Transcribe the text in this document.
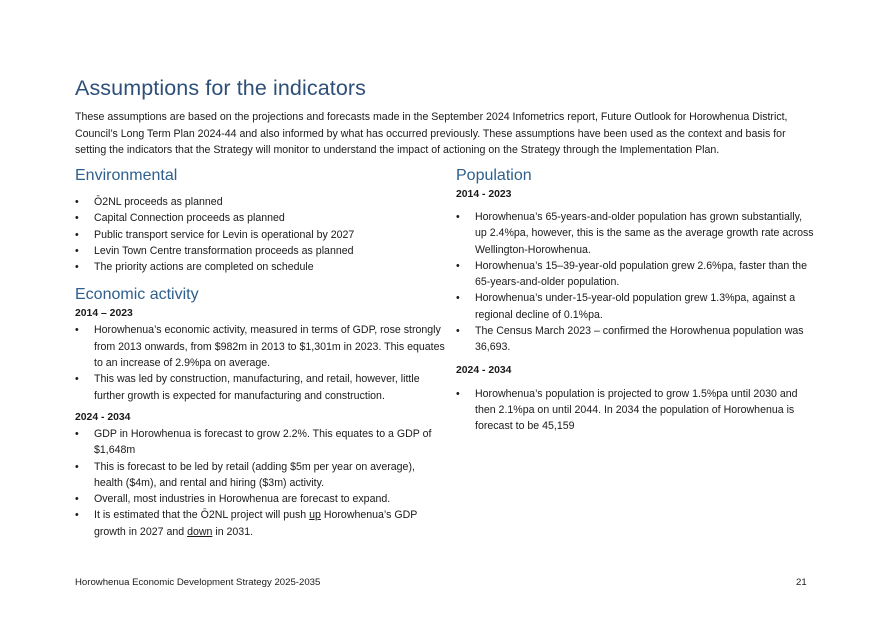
Assumptions for the indicators

These assumptions are based on the projections and forecasts made in the September 2024 Infometrics report, Future Outlook for Horowhenua District, Council’s Long Term Plan 2024-44 and also informed by what has occurred previously. These assumptions have been used as the context and basis for setting the indicators that the Strategy will monitor to understand the impact of actioning on the Strategy through the Implementation Plan.

Environmental
• Ō2NL proceeds as planned
• Capital Connection proceeds as planned
• Public transport service for Levin is operational by 2027
• Levin Town Centre transformation proceeds as planned
• The priority actions are completed on schedule
Economic activity

2014 – 2023

• Horowhenua’s economic activity, measured in terms of GDP, rose strongly from 2013 onwards, from $982m in 2013 to $1,301m in 2023. This equates to an increase of 2.9%pa on average.
• This was led by construction, manufacturing, and retail, however, little further growth is expected for manufacturing and construction.

2024 - 2034

• GDP in Horowhenua is forecast to grow 2.2%. This equates to a GDP of $1,648m
• This is forecast to be led by retail (adding $5m per year on average), health ($4m), and rental and hiring ($3m) activity.
• Overall, most industries in Horowhenua are forecast to expand.
• It is estimated that the Ō2NL project will push up Horowhenua’s GDP growth in 2027 and down in 2031.
Population

2014 - 2023

• Horowhenua’s 65-years-and-older population has grown substantially, up 2.4%pa, however, this is the same as the average growth rate across Wellington-Horowhenua.
• Horowhenua’s 15–39-year-old population grew 2.6%pa, faster than the 65-years-and-older population.
• Horowhenua’s under-15-year-old population grew 1.3%pa, against a regional decline of 0.1%pa.
• The Census March 2023 – confirmed the Horowhenua population was 36,693.

2024 - 2034

• Horowhenua’s population is projected to grow 1.5%pa until 2030 and then 2.1%pa on until 2044. In 2034 the population of Horowhenua is forecast to be 45,159

Horowhenua Economic Development Strategy 2025-2035	21
